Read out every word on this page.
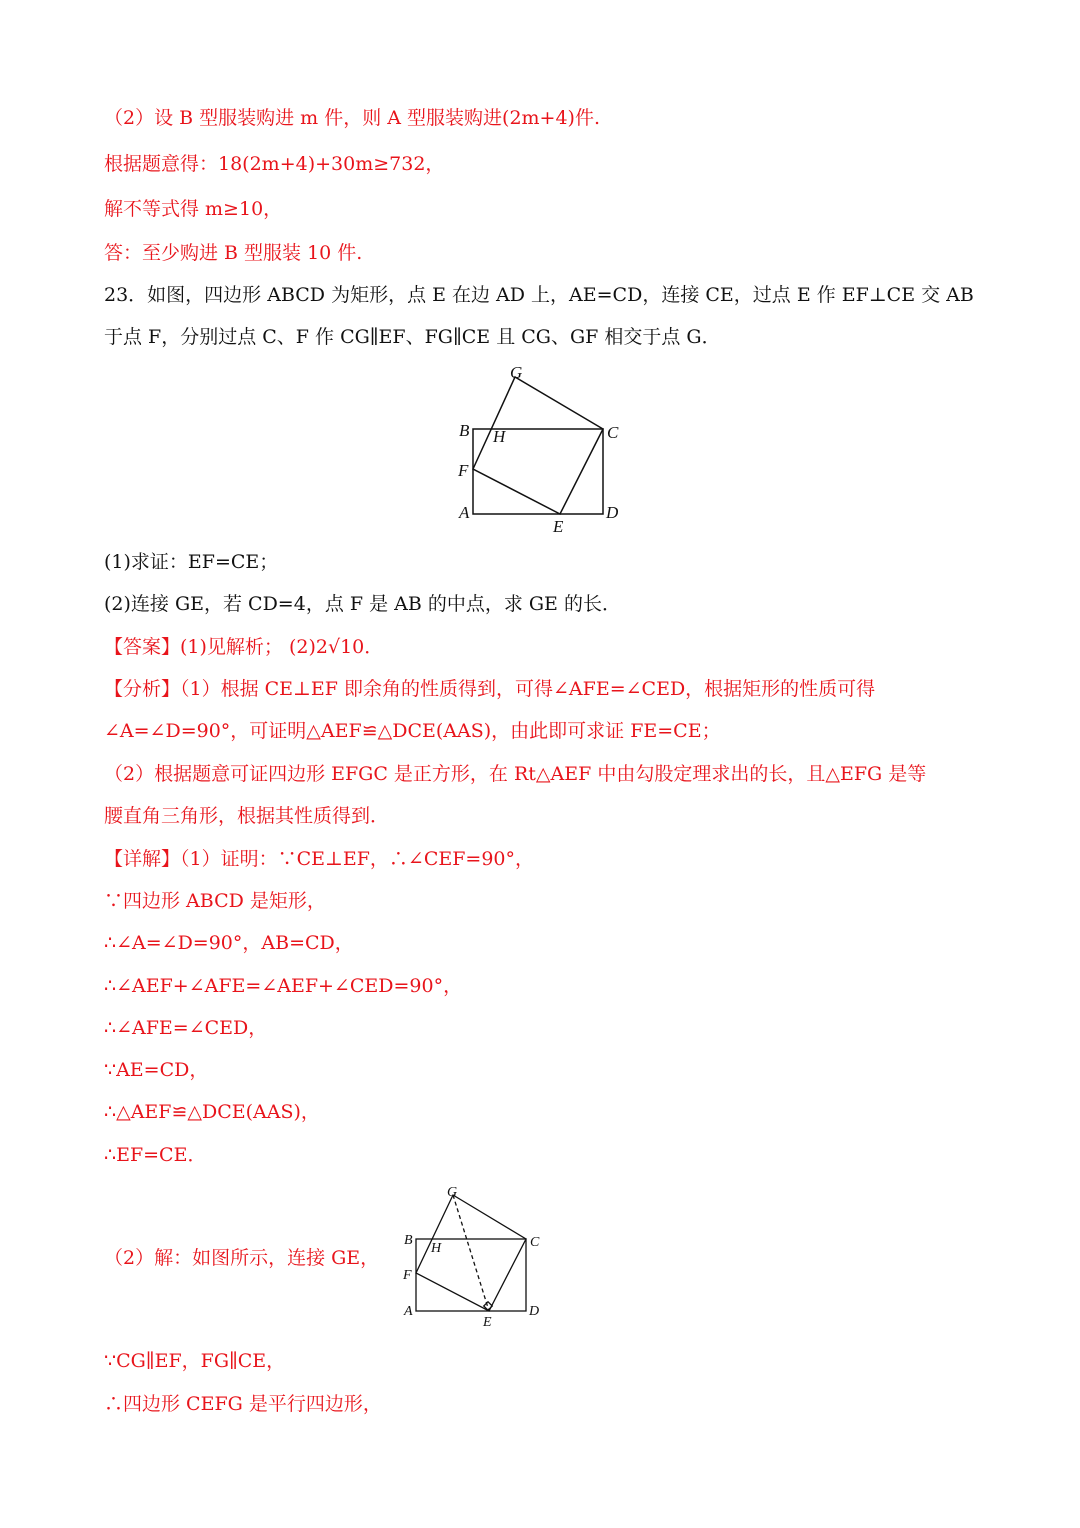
（2）设 B 型服装购进 m 件，则 A 型服装购进(2m+4)件.
根据题意得：18(2m+4)+30m≥732，
解不等式得 m≥10，
答：至少购进 B 型服装 10 件.
23．如图，四边形 ABCD 为矩形，点 E 在边 AD 上，AE=CD，连接 CE，过点 E 作 EF⊥CE 交 AB
于点 F，分别过点 C、F 作 CG∥EF、FG∥CE 且 CG、GF 相交于点 G．
G
B H	C
F
A
E
D
(1)求证：EF=CE；
(2)连接 GE，若 CD=4，点 F 是 AB 的中点，求 GE 的长．
【答案】(1)见解析； (2)2√10．
【分析】（1）根据 CE⊥EF 即余角的性质得到，可得∠AFE=∠CED，根据矩形的性质可得
∠A=∠D=90°，可证明△AEF≌△DCE(AAS)，由此即可求证 FE=CE；
（2）根据题意可证四边形 EFGC 是正方形，在 Rt△AEF 中由勾股定理求出的长，且△EFG 是等
腰直角三角形，根据其性质得到．
【详解】（1）证明：∵CE⊥EF，∴∠CEF=90°，
∵四边形 ABCD 是矩形，
∴∠A=∠D=90°，AB=CD，
∴∠AEF+∠AFE=∠AEF+∠CED=90°，
∴∠AFE=∠CED，
∵AE=CD，
∴△AEF≌△DCE(AAS)，
∴EF=CE．
（2）解：如图所示，连接 GE，
G
B
H	C
F
A
E
D
∵CG∥EF，FG∥CE，
∴四边形 CEFG 是平行四边形，
